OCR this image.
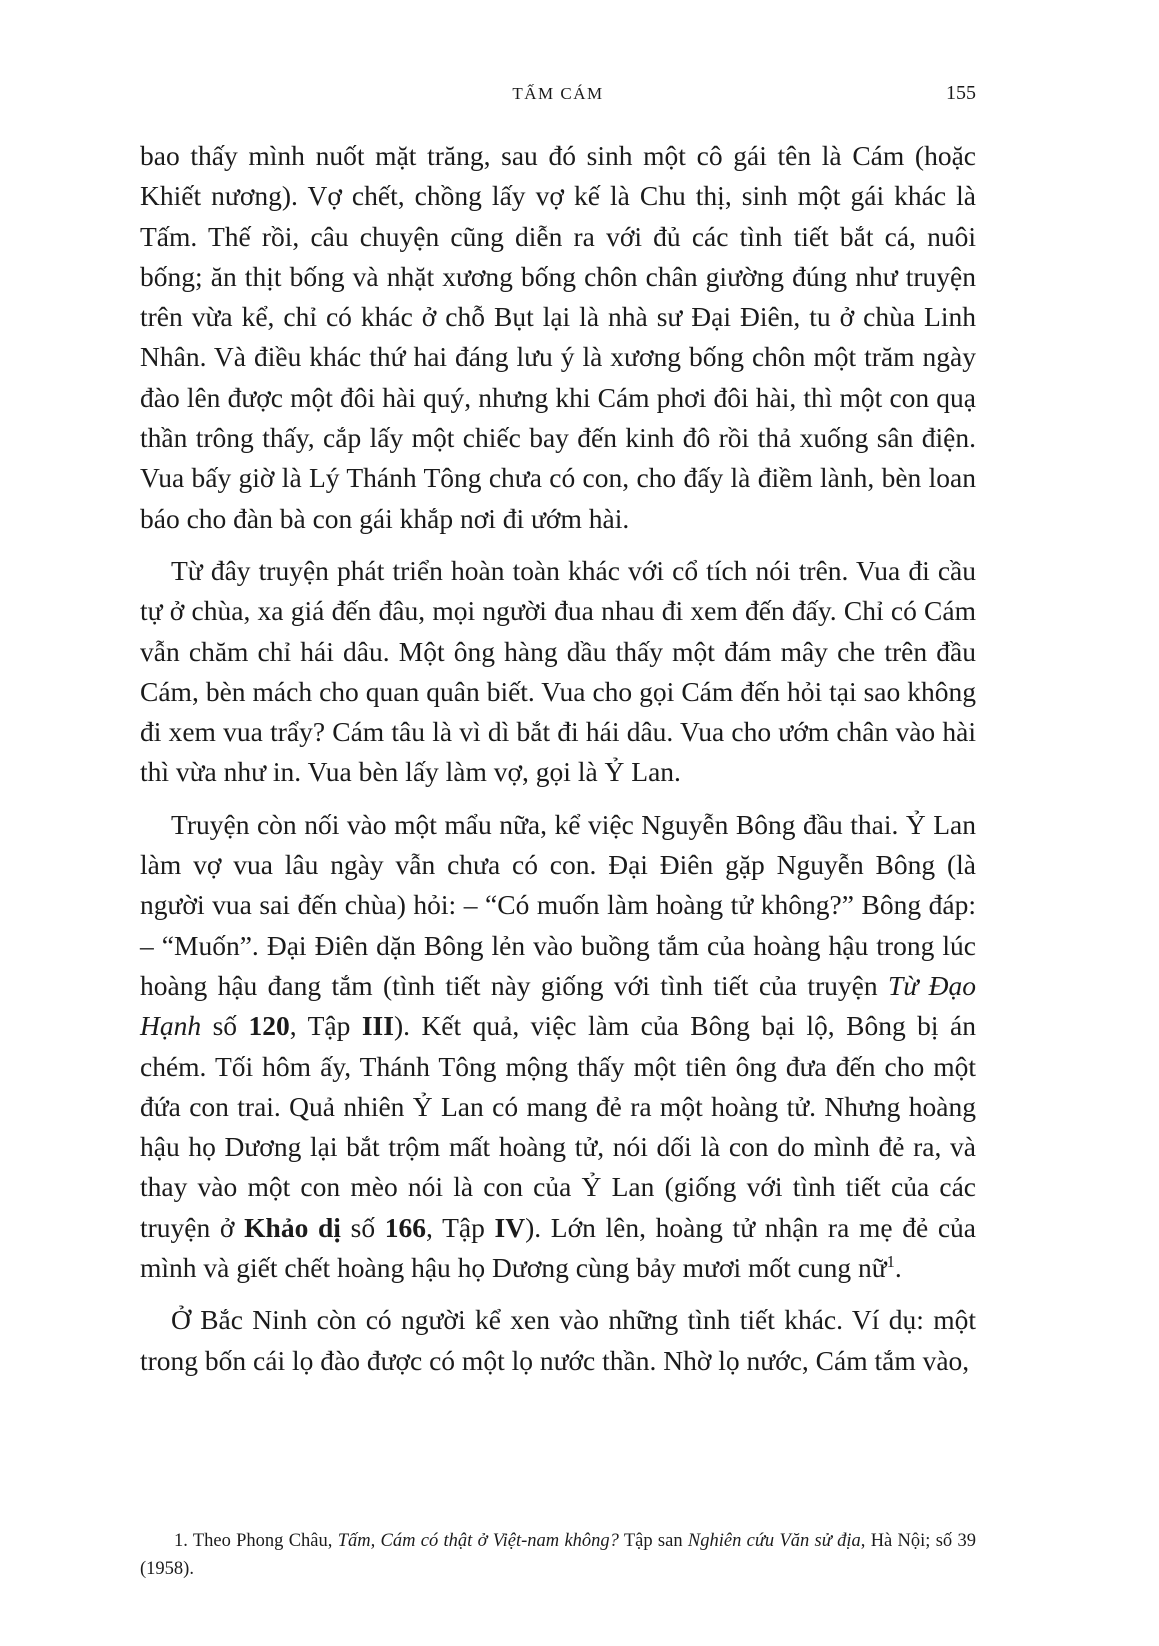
TẤM CÁM	155

bao thấy mình nuốt mặt trăng, sau đó sinh một cô gái tên là Cám (hoặc Khiết nương). Vợ chết, chồng lấy vợ kế là Chu thị, sinh một gái khác là Tấm. Thế rồi, câu chuyện cũng diễn ra với đủ các tình tiết bắt cá, nuôi bống; ăn thịt bống và nhặt xương bống chôn chân giường đúng như truyện trên vừa kể, chỉ có khác ở chỗ Bụt lại là nhà sư Đại Điên, tu ở chùa Linh Nhân. Và điều khác thứ hai đáng lưu ý là xương bống chôn một trăm ngày đào lên được một đôi hài quý, nhưng khi Cám phơi đôi hài, thì một con quạ thần trông thấy, cắp lấy một chiếc bay đến kinh đô rồi thả xuống sân điện. Vua bấy giờ là Lý Thánh Tông chưa có con, cho đấy là điềm lành, bèn loan báo cho đàn bà con gái khắp nơi đi ướm hài.

Từ đây truyện phát triển hoàn toàn khác với cổ tích nói trên. Vua đi cầu tự ở chùa, xa giá đến đâu, mọi người đua nhau đi xem đến đấy. Chỉ có Cám vẫn chăm chỉ hái dâu. Một ông hàng dầu thấy một đám mây che trên đầu Cám, bèn mách cho quan quân biết. Vua cho gọi Cám đến hỏi tại sao không đi xem vua trẩy? Cám tâu là vì dì bắt đi hái dâu. Vua cho ướm chân vào hài thì vừa như in. Vua bèn lấy làm vợ, gọi là Ỷ Lan.

Truyện còn nối vào một mẩu nữa, kể việc Nguyễn Bông đầu thai. Ỷ Lan làm vợ vua lâu ngày vẫn chưa có con. Đại Điên gặp Nguyễn Bông (là người vua sai đến chùa) hỏi: – “Có muốn làm hoàng tử không?” Bông đáp: – “Muốn”. Đại Điên dặn Bông lẻn vào buồng tắm của hoàng hậu trong lúc hoàng hậu đang tắm (tình tiết này giống với tình tiết của truyện Từ Đạo Hạnh số 120, Tập III). Kết quả, việc làm của Bông bại lộ, Bông bị án chém. Tối hôm ấy, Thánh Tông mộng thấy một tiên ông đưa đến cho một đứa con trai. Quả nhiên Ỷ Lan có mang đẻ ra một hoàng tử. Nhưng hoàng hậu họ Dương lại bắt trộm mất hoàng tử, nói dối là con do mình đẻ ra, và thay vào một con mèo nói là con của Ỷ Lan (giống với tình tiết của các truyện ở Khảo dị số 166, Tập IV). Lớn lên, hoàng tử nhận ra mẹ đẻ của mình và giết chết hoàng hậu họ Dương cùng bảy mươi mốt cung nữ$^1$.

Ở Bắc Ninh còn có người kể xen vào những tình tiết khác. Ví dụ: một trong bốn cái lọ đào được có một lọ nước thần. Nhờ lọ nước, Cám tắm vào,

1. Theo Phong Châu, Tấm, Cám có thật ở Việt-nam không? Tập san Nghiên cứu Văn sử địa, Hà Nội; số 39 (1958).
